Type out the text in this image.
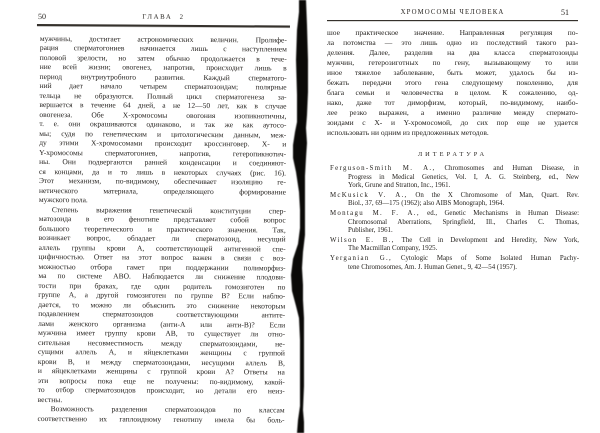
50	ГЛАВА 2
мужчины, достигает астрономических величин. Пролифе-
рация сперматогониев начинается лишь с наступлением
половой зрелости, но затем обычно продолжается в тече-
ние всей жизни; овогенез, напротив, происходит лишь в
период внутриутробного развития. Каждый сперматого-
ний дает начало четырем сперматозоидам; полярные
тельца не образуются. Полный цикл сперматогенеза за-
вершается в течение 64 дней, а не 12—50 лет, как в случае
овогенеза. Обе Х-хромосомы овогония изопикнотичны,
т. е. они окрашиваются одинаково, и так же как аутосо-
мы; судя по генетическим и цитологическим данным, меж-
ду этими Х-хромосомами происходит кроссинговер. Х- и
Y-хромосомы сперматогониев, напротив, гетеропикнотич-
ны. Они подвергаются ранней конденсации и соединяют-
ся концами, да и то лишь в некоторых случаях (рис. 16).
Этот механизм, по-видимому, обеспечивает изоляцию ге-
нетического материала, определяющего формирование
мужского пола.
Степень выражения генетической конституции спер-
матозоида в его фенотипе представляет собой вопрос
большого теоретического и практического значения. Так,
возникает вопрос, обладает ли сперматозоид, несущий
аллель группы крови А, соответствующей антигенной спе-
цифичностью. Ответ на этот вопрос важен в связи с воз-
можностью отбора гамет при поддержании полиморфиз-
ма по системе АВО. Наблюдается ли снижение плодови-
тости при браках, где один родитель гомозиготен по
группе А, а другой гомозиготен по группе В? Если наблю-
дается, то можно ли объяснить это снижение некоторым
подавлением сперматозоидов соответствующими антите-
лами женского организма (анти-А или анти-В)? Если
мужчина имеет группу крови АВ, то существует ли отно-
сительная несовместимость между сперматозоидами, не-
сущими аллель А, и яйцеклетками женщины с группой
крови В, и между сперматозоидами, несущими аллель В,
и яйцеклетками женщины с группой крови А? Ответы на
эти вопросы пока еще не получены: по-видимому, какой-
то отбор сперматозоидов происходит, но детали его неиз-
вестны.
Возможность разделения сперматозоидов по классам
соответственно их гаплоидному генотипу имела бы боль-
ХРОМОСОМЫ ЧЕЛОВЕКА	51
шое практическое значение. Направленная регуляция по-
ла потомства — это лишь одно из последствий такого раз-
деления. Далее, разделив на два класса сперматозоиды
мужчин, гетерозиготных по гену, вызывающему то или
иное тяжелое заболевание, быть может, удалось бы из-
бежать передачи этого гена следующему поколению, для
блага семьи и человечества в целом. К сожалению, од-
нако, даже тот диморфизм, который, по-видимому, наибо-
лее резко выражен, а именно различие между спермато-
зоидами с X- и Y-хромосомой, до сих пор еще не удается
использовать ни одним из предложенных методов.
ЛИТЕРАТУРА
Ferguson-Smith M. A., Chromosomes and Human Disease, in
Progress in Medical Genetics, Vol. I, A. G. Steinberg, ed., New
York, Grune and Stratton, Inc., 1961.
McKusick V. A., On the X Chromosome of Man, Quart. Rev.
Biol., 37, 69—175 (1962); also AIBS Monograph, 1964.
Montagu M. F. A., ed., Genetic Mechanisms in Human Disease:
Chromosomal Aberrations, Springfield, Ill., Charles C. Thomas,
Publisher, 1961.
Wilson E. B., The Cell in Development and Heredity, New York,
The Macmillan Company, 1925.
Yerganian G., Cytologic Maps of Some Isolated Human Pachy-
tene Chromosomes, Am. J. Human Genet., 9, 42—54 (1957).
